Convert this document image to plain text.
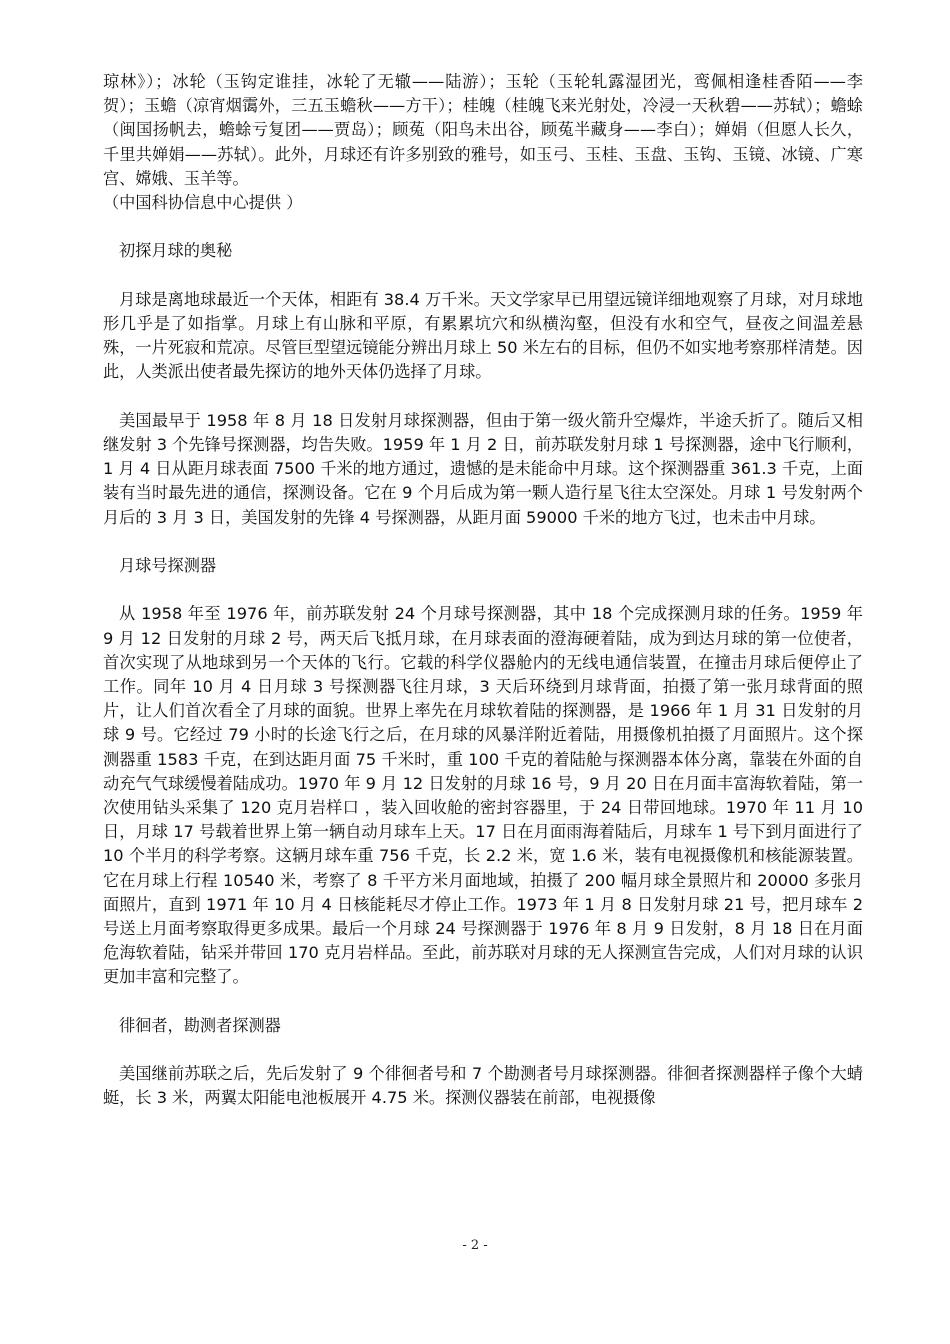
琼林》）；冰轮（玉钩定谁挂，冰轮了无辙——陆游）；玉轮（玉轮轧露湿团光，鸾佩相逢桂香陌——李贺）；玉蟾（凉宵烟霭外，三五玉蟾秋——方干）；桂魄（桂魄飞来光射处，冷浸一天秋碧——苏轼）；蟾蜍（闽国扬帆去，蟾蜍亏复团——贾岛）；顾菟（阳鸟未出谷，顾菟半藏身——李白）；婵娟（但愿人长久，千里共婵娟——苏轼）。此外，月球还有许多别致的雅号，如玉弓、玉桂、玉盘、玉钩、玉镜、冰镜、广寒宫、嫦娥、玉羊等。

（中国科协信息中心提供 ）

初探月球的奥秘

月球是离地球最近一个天体，相距有 38.4 万千米。天文学家早已用望远镜详细地观察了月球，对月球地形几乎是了如指掌。月球上有山脉和平原，有累累坑穴和纵横沟壑，但没有水和空气，昼夜之间温差悬殊，一片死寂和荒凉。尽管巨型望远镜能分辨出月球上 50 米左右的目标，但仍不如实地考察那样清楚。因此，人类派出使者最先探访的地外天体仍选择了月球。

美国最早于 1958 年 8 月 18 日发射月球探测器，但由于第一级火箭升空爆炸，半途夭折了。随后又相继发射 3 个先锋号探测器，均告失败。1959 年 1 月 2 日，前苏联发射月球 1 号探测器，途中飞行顺利，1 月 4 日从距月球表面 7500 千米的地方通过，遗憾的是未能命中月球。这个探测器重 361.3 千克，上面装有当时最先进的通信，探测设备。它在 9 个月后成为第一颗人造行星飞往太空深处。月球 1 号发射两个月后的 3 月 3 日，美国发射的先锋 4 号探测器，从距月面 59000 千米的地方飞过，也未击中月球。

月球号探测器

从 1958 年至 1976 年，前苏联发射 24 个月球号探测器，其中 18 个完成探测月球的任务。1959 年 9 月 12 日发射的月球 2 号，两天后飞抵月球，在月球表面的澄海硬着陆，成为到达月球的第一位使者，首次实现了从地球到另一个天体的飞行。它载的科学仪器舱内的无线电通信装置，在撞击月球后便停止了工作。同年 10 月 4 日月球 3 号探测器飞往月球，3 天后环绕到月球背面，拍摄了第一张月球背面的照片，让人们首次看全了月球的面貌。世界上率先在月球软着陆的探测器，是 1966 年 1 月 31 日发射的月球 9 号。它经过 79 小时的长途飞行之后，在月球的风暴洋附近着陆，用摄像机拍摄了月面照片。这个探测器重 1583 千克，在到达距月面 75 千米时，重 100 千克的着陆舱与探测器本体分离，靠装在外面的自动充气气球缓慢着陆成功。1970 年 9 月 12 日发射的月球 16 号，9 月 20 日在月面丰富海软着陆，第一次使用钻头采集了 120 克月岩样口 ，装入回收舱的密封容器里，于 24 日带回地球。1970 年 11 月 10 日，月球 17 号载着世界上第一辆自动月球车上天。17 日在月面雨海着陆后，月球车 1 号下到月面进行了 10 个半月的科学考察。这辆月球车重 756 千克，长 2.2 米，宽 1.6 米，装有电视摄像机和核能源装置。它在月球上行程 10540 米，考察了 8 千平方米月面地域，拍摄了 200 幅月球全景照片和 20000 多张月面照片，直到 1971 年 10 月 4 日核能耗尽才停止工作。1973 年 1 月 8 日发射月球 21 号，把月球车 2 号送上月面考察取得更多成果。最后一个月球 24 号探测器于 1976 年 8 月 9 日发射，8 月 18 日在月面危海软着陆，钻采并带回 170 克月岩样品。至此，前苏联对月球的无人探测宣告完成，人们对月球的认识更加丰富和完整了。

徘徊者，勘测者探测器

美国继前苏联之后，先后发射了 9 个徘徊者号和 7 个勘测者号月球探测器。徘徊者探测器样子像个大蜻蜓，长 3 米，两翼太阳能电池板展开 4.75 米。探测仪器装在前部，电视摄像

- 2 -
